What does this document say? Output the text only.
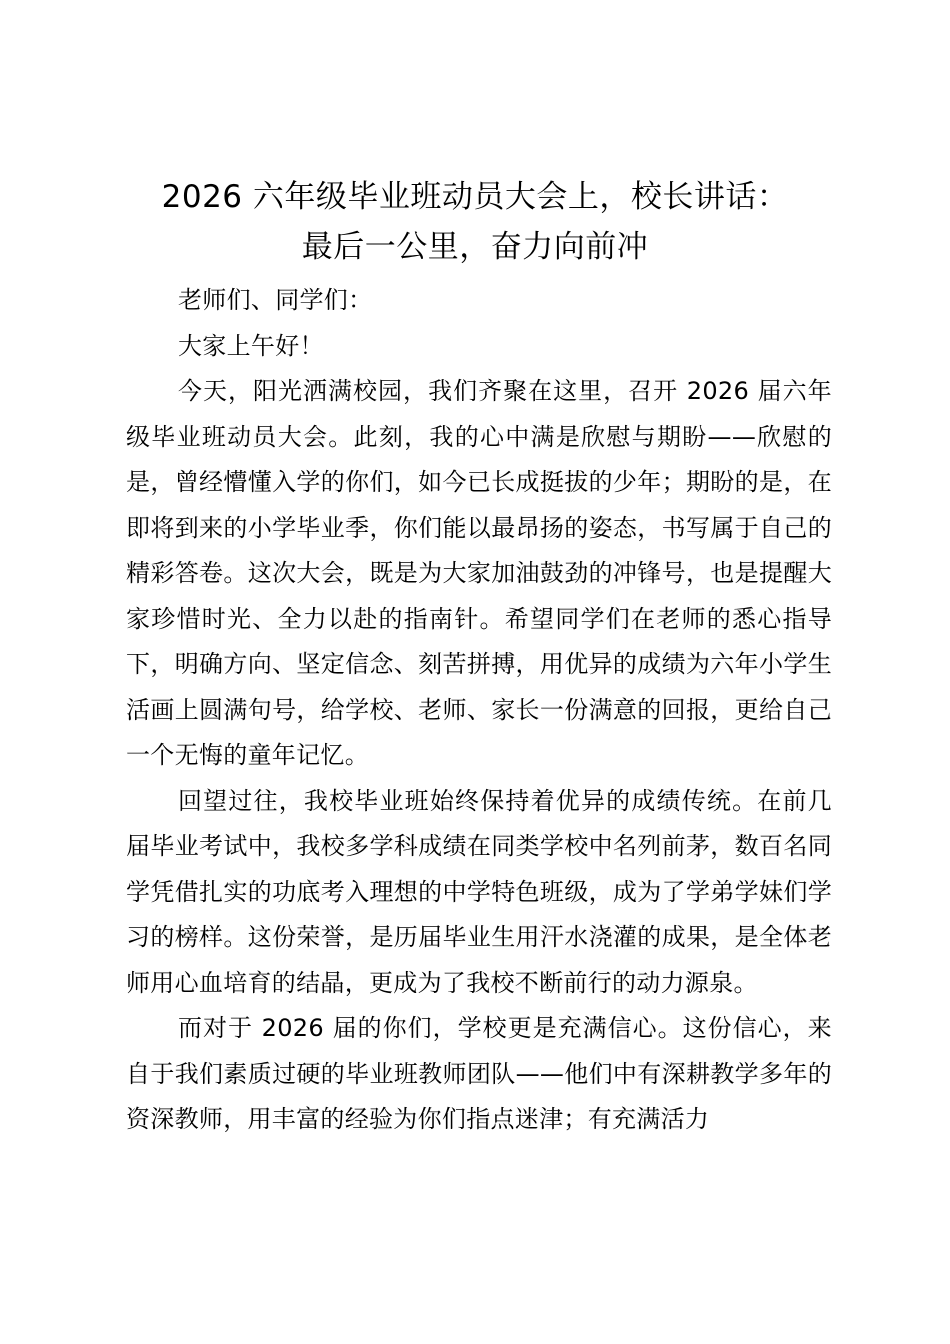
2026 六年级毕业班动员大会上，校长讲话：
最后一公里，奋力向前冲

老师们、同学们：

大家上午好！

今天，阳光洒满校园，我们齐聚在这里，召开 2026 届六年级毕业班动员大会。此刻，我的心中满是欣慰与期盼——欣慰的是，曾经懵懂入学的你们，如今已长成挺拔的少年；期盼的是，在即将到来的小学毕业季，你们能以最昂扬的姿态，书写属于自己的精彩答卷。这次大会，既是为大家加油鼓劲的冲锋号，也是提醒大家珍惜时光、全力以赴的指南针。希望同学们在老师的悉心指导下，明确方向、坚定信念、刻苦拼搏，用优异的成绩为六年小学生活画上圆满句号，给学校、老师、家长一份满意的回报，更给自己一个无悔的童年记忆。

回望过往，我校毕业班始终保持着优异的成绩传统。在前几届毕业考试中，我校多学科成绩在同类学校中名列前茅，数百名同学凭借扎实的功底考入理想的中学特色班级，成为了学弟学妹们学习的榜样。这份荣誉，是历届毕业生用汗水浇灌的成果，是全体老师用心血培育的结晶，更成为了我校不断前行的动力源泉。

而对于 2026 届的你们，学校更是充满信心。这份信心，来自于我们素质过硬的毕业班教师团队——他们中有深耕教学多年的资深教师，用丰富的经验为你们指点迷津；有充满活力
